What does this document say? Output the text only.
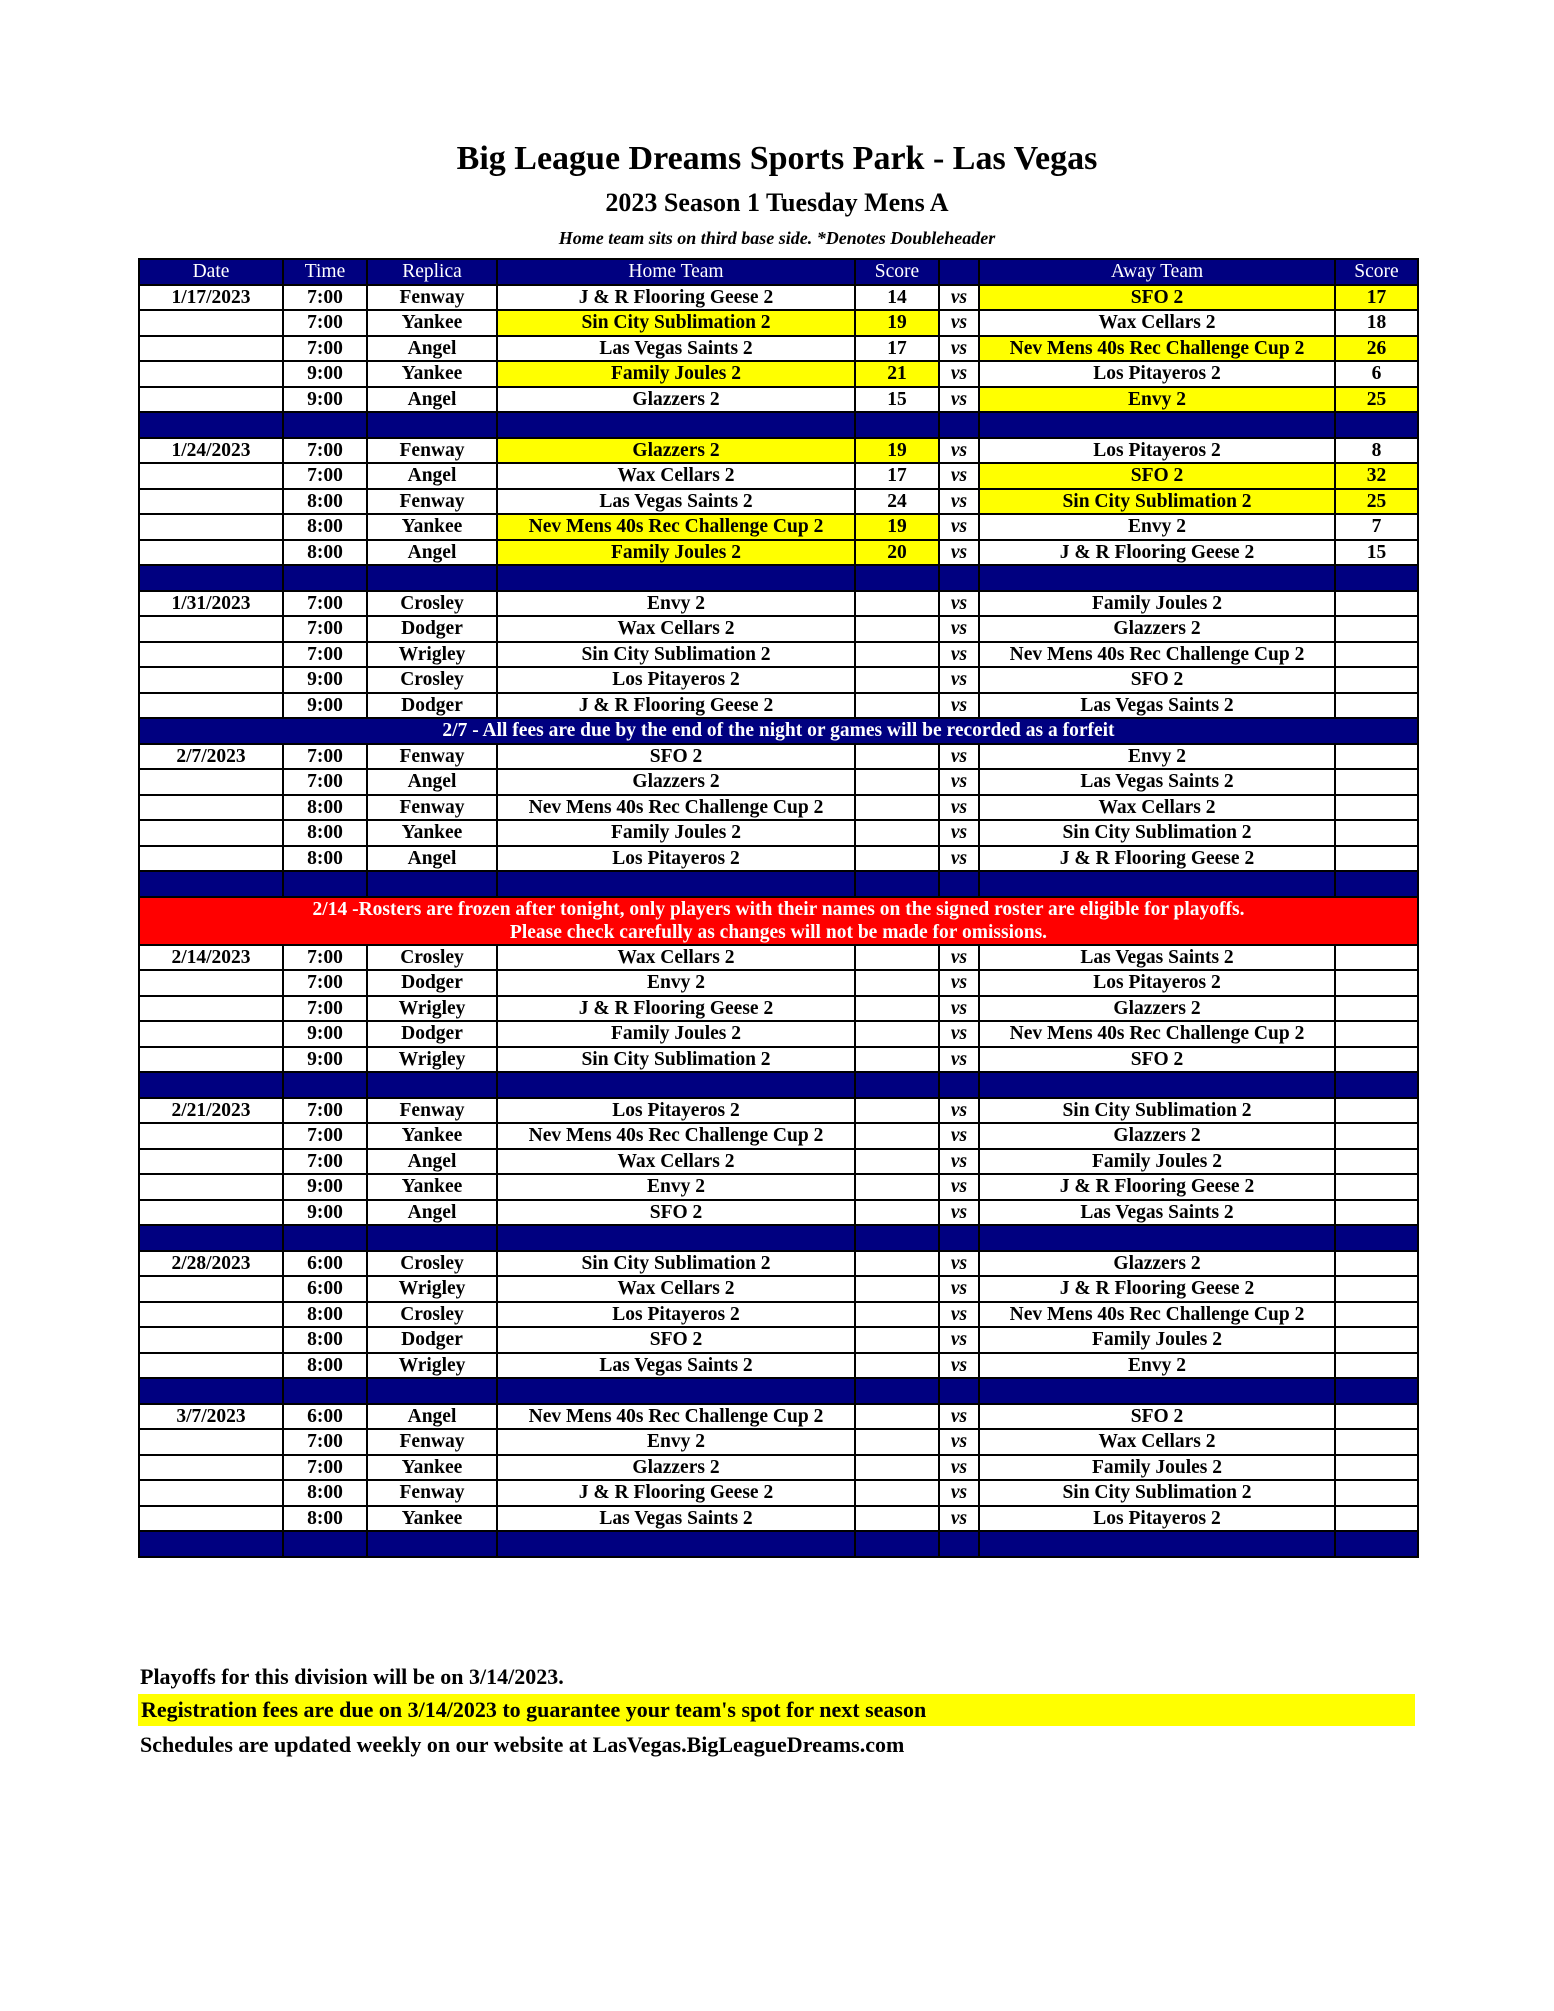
Big League Dreams Sports Park - Las Vegas
2023 Season 1 Tuesday Mens A
Home team sits on third base side. *Denotes Doubleheader
Date	Time	Replica	Home Team	Score		Away Team	Score
1/17/2023	7:00	Fenway	J & R Flooring Geese 2	14	vs	SFO 2	17
	7:00	Yankee	Sin City Sublimation 2	19	vs	Wax Cellars 2	18
	7:00	Angel	Las Vegas Saints 2	17	vs	Nev Mens 40s Rec Challenge Cup 2	26
	9:00	Yankee	Family Joules 2	21	vs	Los Pitayeros 2	6
	9:00	Angel	Glazzers 2	15	vs	Envy 2	25

1/24/2023	7:00	Fenway	Glazzers 2	19	vs	Los Pitayeros 2	8
	7:00	Angel	Wax Cellars 2	17	vs	SFO 2	32
	8:00	Fenway	Las Vegas Saints 2	24	vs	Sin City Sublimation 2	25
	8:00	Yankee	Nev Mens 40s Rec Challenge Cup 2	19	vs	Envy 2	7
	8:00	Angel	Family Joules 2	20	vs	J & R Flooring Geese 2	15

1/31/2023	7:00	Crosley	Envy 2		vs	Family Joules 2	
	7:00	Dodger	Wax Cellars 2		vs	Glazzers 2	
	7:00	Wrigley	Sin City Sublimation 2		vs	Nev Mens 40s Rec Challenge Cup 2	
	9:00	Crosley	Los Pitayeros 2		vs	SFO 2	
	9:00	Dodger	J & R Flooring Geese 2		vs	Las Vegas Saints 2	
2/7 - All fees are due by the end of the night or games will be recorded as a forfeit							
2/7/2023	7:00	Fenway	SFO 2		vs	Envy 2	
	7:00	Angel	Glazzers 2		vs	Las Vegas Saints 2	
	8:00	Fenway	Nev Mens 40s Rec Challenge Cup 2		vs	Wax Cellars 2	
	8:00	Yankee	Family Joules 2		vs	Sin City Sublimation 2	
	8:00	Angel	Los Pitayeros 2		vs	J & R Flooring Geese 2	

2/14 -Rosters are frozen after tonight, only players with their names on the signed roster are eligible for playoffs.
Please check carefully as changes will not be made for omissions.							

2/14/2023	7:00	Crosley	Wax Cellars 2		vs	Las Vegas Saints 2	
	7:00	Dodger	Envy 2		vs	Los Pitayeros 2	
	7:00	Wrigley	J & R Flooring Geese 2		vs	Glazzers 2	
	9:00	Dodger	Family Joules 2		vs	Nev Mens 40s Rec Challenge Cup 2	
	9:00	Wrigley	Sin City Sublimation 2		vs	SFO 2	

2/21/2023	7:00	Fenway	Los Pitayeros 2		vs	Sin City Sublimation 2	
	7:00	Yankee	Nev Mens 40s Rec Challenge Cup 2		vs	Glazzers 2	
	7:00	Angel	Wax Cellars 2		vs	Family Joules 2	
	9:00	Yankee	Envy 2		vs	J & R Flooring Geese 2	
	9:00	Angel	SFO 2		vs	Las Vegas Saints 2	

2/28/2023	6:00	Crosley	Sin City Sublimation 2		vs	Glazzers 2	
	6:00	Wrigley	Wax Cellars 2		vs	J & R Flooring Geese 2	
	8:00	Crosley	Los Pitayeros 2		vs	Nev Mens 40s Rec Challenge Cup 2	
	8:00	Dodger	SFO 2		vs	Family Joules 2	
	8:00	Wrigley	Las Vegas Saints 2		vs	Envy 2	

3/7/2023	6:00	Angel	Nev Mens 40s Rec Challenge Cup 2		vs	SFO 2	
	7:00	Fenway	Envy 2		vs	Wax Cellars 2	
	7:00	Yankee	Glazzers 2		vs	Family Joules 2	
	8:00	Fenway	J & R Flooring Geese 2		vs	Sin City Sublimation 2	
	8:00	Yankee	Las Vegas Saints 2		vs	Los Pitayeros 2	

Playoffs for this division will be on 3/14/2023.
Registration fees are due on 3/14/2023 to guarantee your team's spot for next season
Schedules are updated weekly on our website at LasVegas.BigLeagueDreams.com
